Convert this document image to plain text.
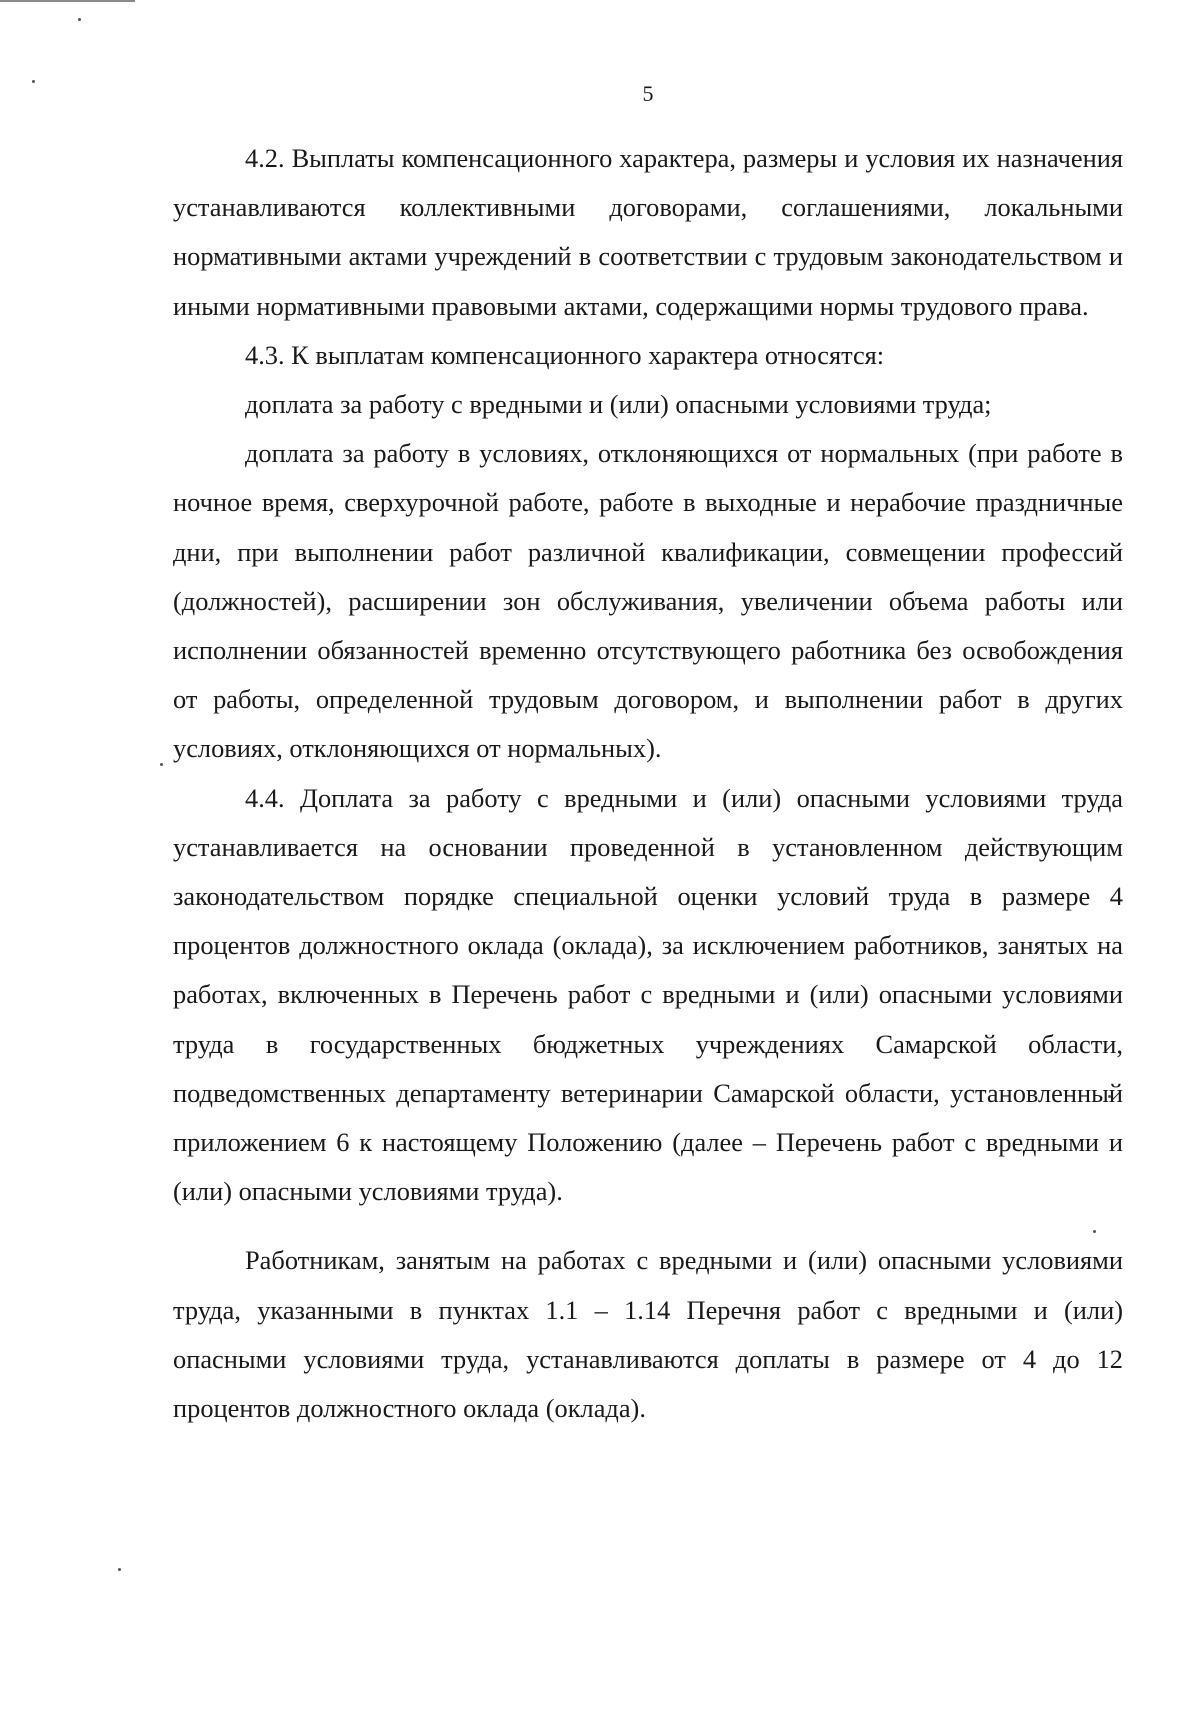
5

4.2. Выплаты компенсационного характера, размеры и условия их назначения устанавливаются коллективными договорами, соглашениями, локальными нормативными актами учреждений в соответствии с трудовым законодательством и иными нормативными правовыми актами, содержащими нормы трудового права.

4.3. К выплатам компенсационного характера относятся:

доплата за работу с вредными и (или) опасными условиями труда;

доплата за работу в условиях, отклоняющихся от нормальных (при работе в ночное время, сверхурочной работе, работе в выходные и нерабочие праздничные дни, при выполнении работ различной квалификации, совмещении профессий (должностей), расширении зон обслуживания, увеличении объема работы или исполнении обязанностей временно отсутствующего работника без освобождения от работы, определенной трудовым договором, и выполнении работ в других условиях, отклоняющихся от нормальных).

4.4. Доплата за работу с вредными и (или) опасными условиями труда устанавливается на основании проведенной в установленном действующим законодательством порядке специальной оценки условий труда в размере 4 процентов должностного оклада (оклада), за исключением работников, занятых на работах, включенных в Перечень работ с вредными и (или) опасными условиями труда в государственных бюджетных учреждениях Самарской области, подведомственных департаменту ветеринарии Самарской области, установленный приложением 6 к настоящему Положению (далее – Перечень работ с вредными и (или) опасными условиями труда).

Работникам, занятым на работах с вредными и (или) опасными условиями труда, указанными в пунктах 1.1 – 1.14 Перечня работ с вредными и (или) опасными условиями труда, устанавливаются доплаты в размере от 4 до 12 процентов должностного оклада (оклада).
